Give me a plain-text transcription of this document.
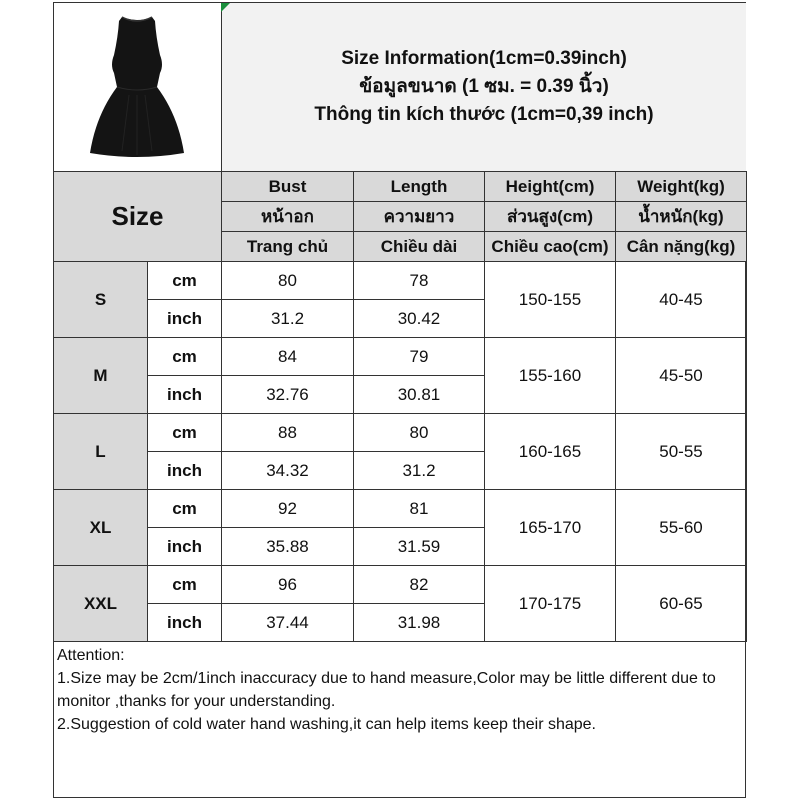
Size Information(1cm=0.39inch)
ข้อมูลขนาด (1 ซม. = 0.39 นิ้ว)
Thông tin kích thước (1cm=0,39 inch)
Size		Bust	Length	Height(cm)	Weight(kg)
		หน้าอก	ความยาว	ส่วนสูง(cm)	น้ำหนัก(kg)
		Trang chủ	Chiều dài	Chiều cao(cm)	Cân nặng(kg)
S	cm	80	78	150-155	40-45
	inch	31.2	30.42		
M	cm	84	79	155-160	45-50
	inch	32.76	30.81		
L	cm	88	80	160-165	50-55
	inch	34.32	31.2		
XL	cm	92	81	165-170	55-60
	inch	35.88	31.59		
XXL	cm	96	82	170-175	60-65
	inch	37.44	31.98		
Attention:
1.Size may be 2cm/1inch inaccuracy due to hand measure,Color may be little different due to monitor ,thanks for your understanding.
2.Suggestion of cold water hand washing,it can help items keep their shape.
